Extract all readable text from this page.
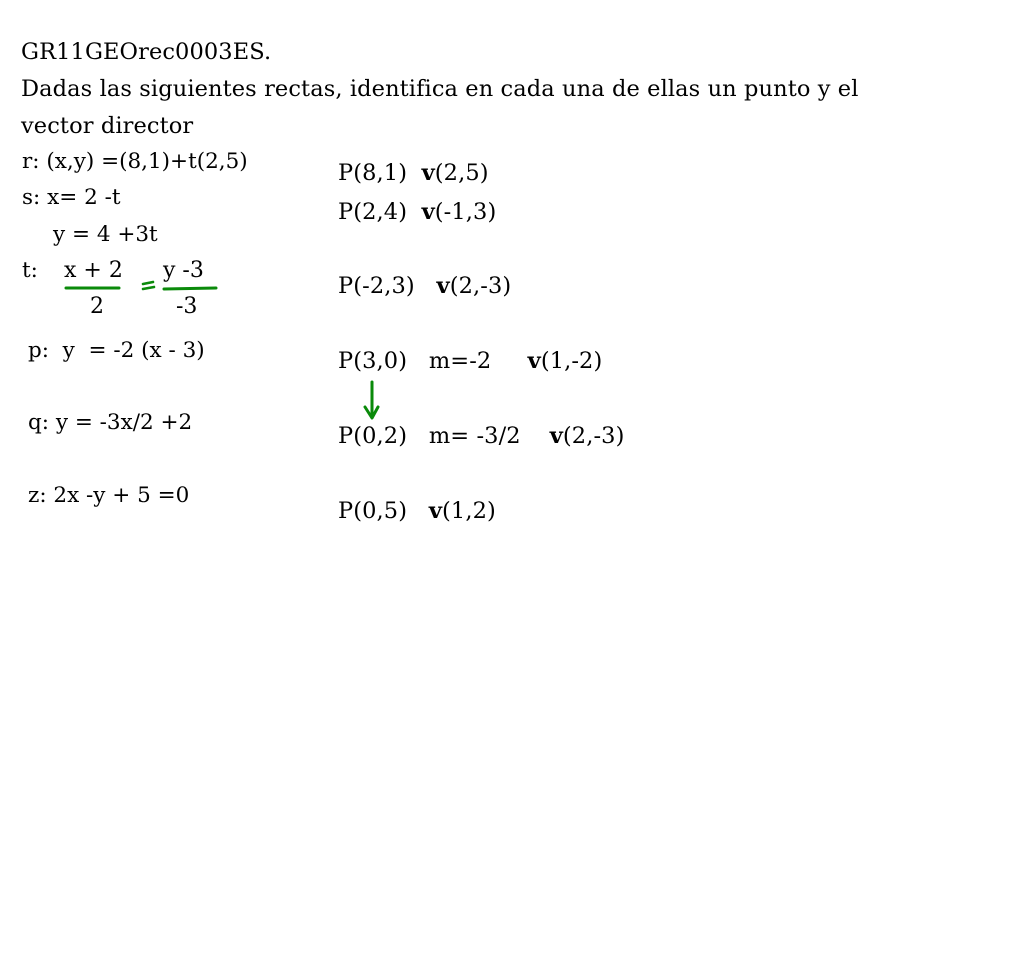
GR11GEOrec0003ES.
Dadas las siguientes rectas, identifica en cada una de ellas un punto y el
vector director
r: (x,y) =(8,1)+t(2,5)
s: x= 2 -t
y = 4 +3t
t: x + 2
2
y -3
-3
p:  y  = -2 (x - 3)
q: y = -3x/2 +2
z: 2x -y + 5 =0
P(8,1) v(2,5)
P(2,4) v(-1,3)
P(-2,3) v(2,-3)
P(3,0) m=-2 v(1,-2)
P(0,2) m= -3/2 v(2,-3)
P(0,5) v(1,2)
